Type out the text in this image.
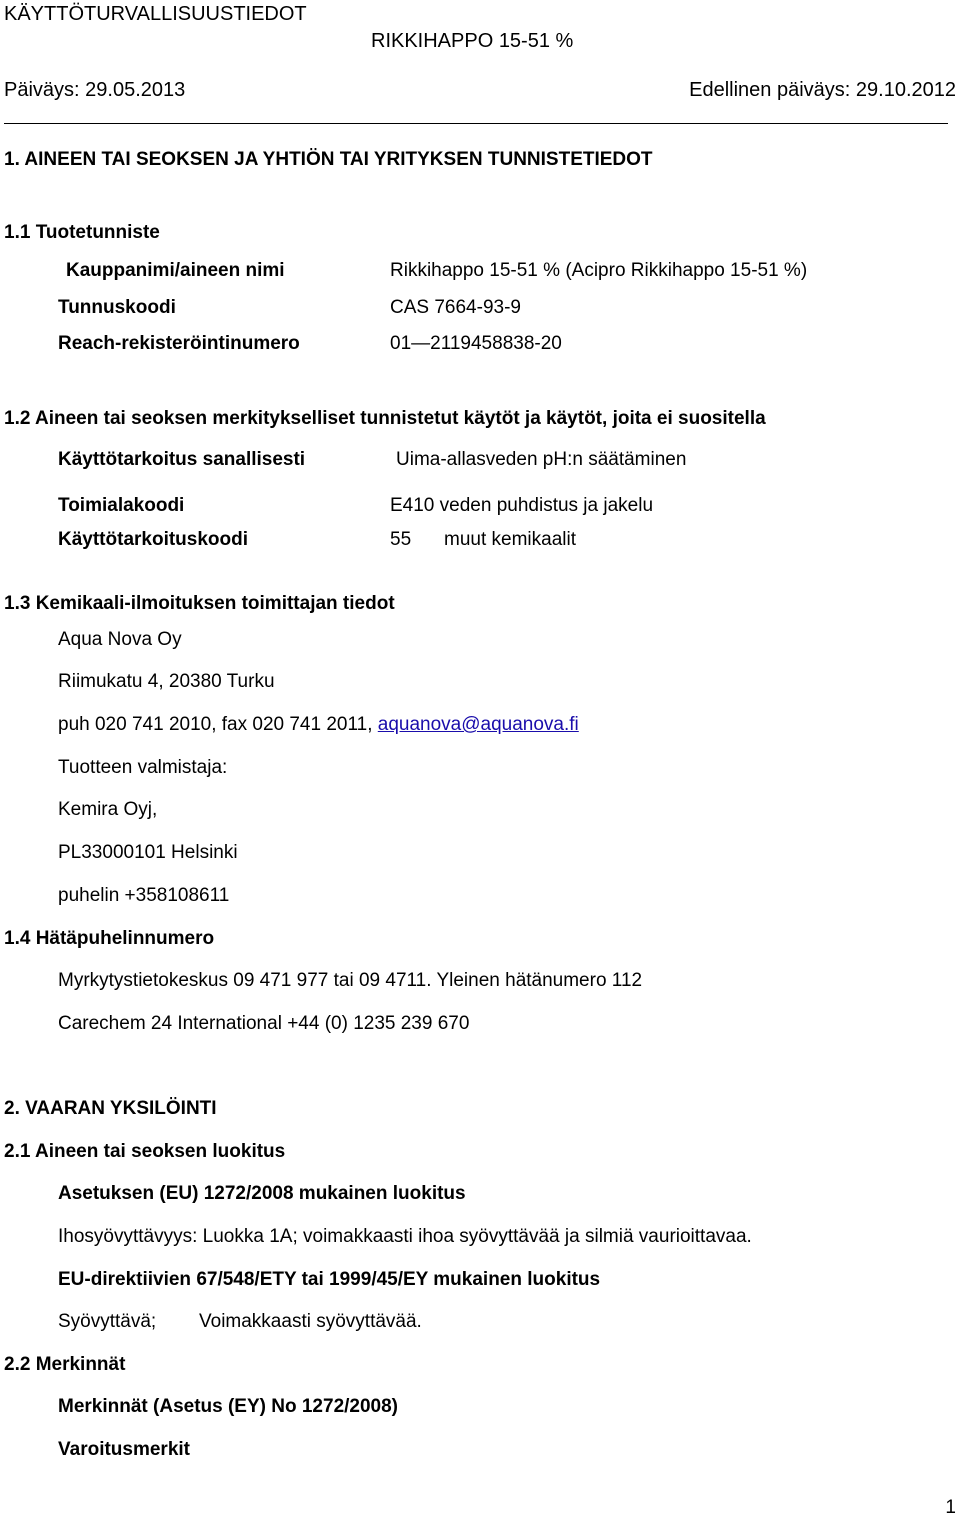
KÄYTTÖTURVALLISUUSTIEDOT
RIKKIHAPPO 15-51 %
Päiväys: 29.05.2013	Edellinen päiväys: 29.10.2012
1. AINEEN TAI SEOKSEN JA YHTIÖN TAI YRITYKSEN TUNNISTETIEDOT
1.1 Tuotetunniste
Kauppanimi/aineen nimi	Rikkihappo 15-51 % (Acipro Rikkihappo 15-51 %)
Tunnuskoodi	CAS 7664-93-9
Reach-rekisteröintinumero	01—2119458838-20
1.2 Aineen tai seoksen merkitykselliset tunnistetut käytöt ja käytöt, joita ei suositella
Käyttötarkoitus sanallisesti	Uima-allasveden pH:n säätäminen
Toimialakoodi	E410 veden puhdistus ja jakelu
Käyttötarkoituskoodi	55 muut kemikaalit
1.3 Kemikaali-ilmoituksen toimittajan tiedot
Aqua Nova Oy
Riimukatu 4, 20380 Turku
puh 020 741 2010, fax 020 741 2011, aquanova@aquanova.fi
Tuotteen valmistaja:
Kemira Oyj,
PL33000101 Helsinki
puhelin +358108611
1.4 Hätäpuhelinnumero
Myrkytystietokeskus 09 471 977 tai 09 4711. Yleinen hätänumero 112
Carechem 24 International +44 (0) 1235 239 670
2. VAARAN YKSILÖINTI
2.1 Aineen tai seoksen luokitus
Asetuksen (EU) 1272/2008 mukainen luokitus
Ihosyövyttävyys: Luokka 1A; voimakkaasti ihoa syövyttävää ja silmiä vaurioittavaa.
EU-direktiivien 67/548/ETY tai 1999/45/EY mukainen luokitus
Syövyttävä; Voimakkaasti syövyttävää.
2.2 Merkinnät
Merkinnät (Asetus (EY) No 1272/2008)
Varoitusmerkit
1
